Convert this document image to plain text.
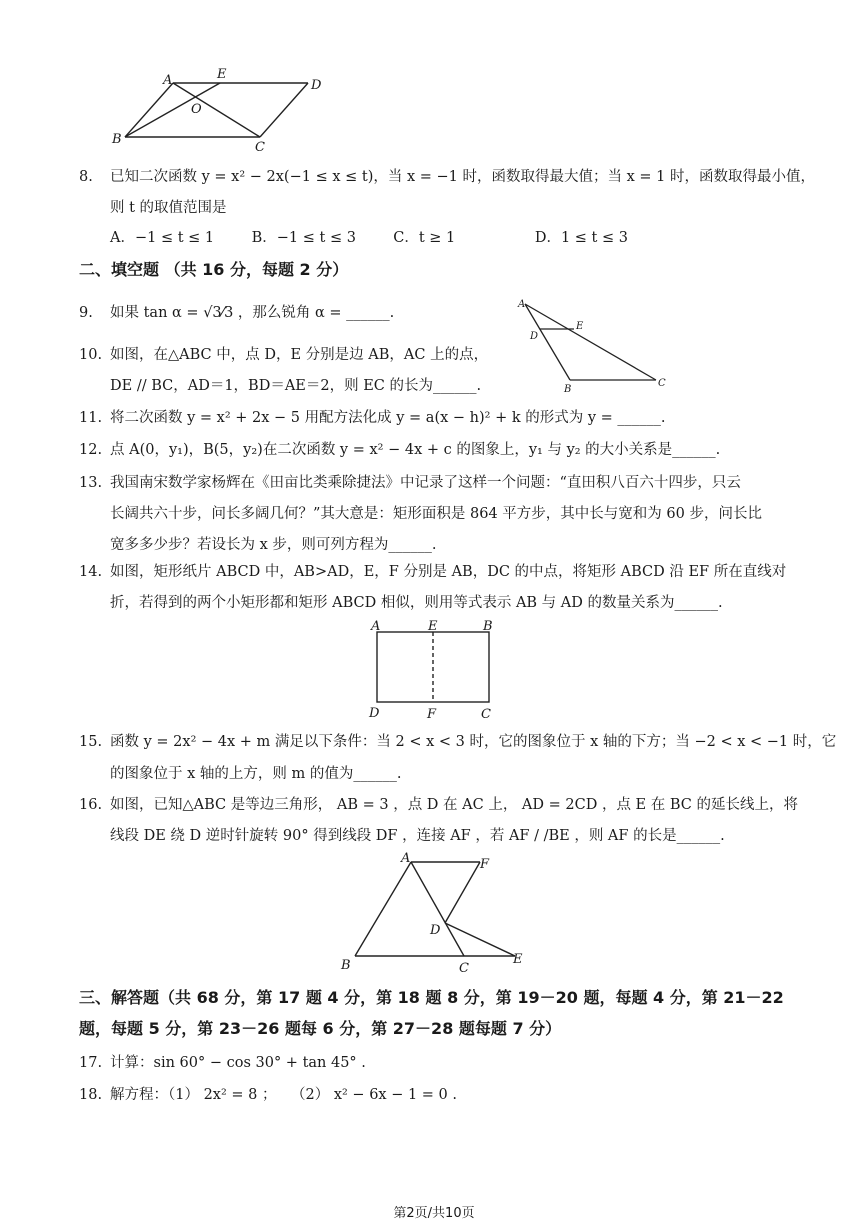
A	E
D
O
B
C
8.	已知二次函数 y = x² − 2x(−1 ≤ x ≤ t)，当 x = −1 时，函数取得最大值；当 x = 1 时，函数取得最小值，
则 t 的取值范围是
A．−1 ≤ t ≤ 1	B．−1 ≤ t ≤ 3	C．t ≥ 1	D．1 ≤ t ≤ 3
二、填空题 （共 16 分，每题 2 分）
9.	如果 tan α = √3⁄3 ，那么锐角 α = ______.
A
D
E
B
C
10. 如图，在△ABC 中，点 D，E 分别是边 AB，AC 上的点，
DE // BC，AD＝1，BD＝AE＝2，则 EC 的长为______.
11. 将二次函数 y = x² + 2x − 5 用配方法化成 y = a(x − h)² + k 的形式为 y = ______.
12. 点 A(0，y₁)，B(5，y₂)在二次函数 y = x² − 4x + c 的图象上，y₁ 与 y₂ 的大小关系是______.
13. 我国南宋数学家杨辉在《田亩比类乘除捷法》中记录了这样一个问题：“直田积八百六十四步，只云
长阔共六十步，问长多阔几何？”其大意是：矩形面积是 864 平方步，其中长与宽和为 60 步，问长比
宽多多少步？若设长为 x 步，则可列方程为______.
14. 如图，矩形纸片 ABCD 中，AB>AD，E，F 分别是 AB，DC 的中点，将矩形 ABCD 沿 EF 所在直线对
折，若得到的两个小矩形都和矩形 ABCD 相似，则用等式表示 AB 与 AD 的数量关系为______.
A	E	B
D	F	C
15. 函数 y = 2x² − 4x + m 满足以下条件：当 2 < x < 3 时，它的图象位于 x 轴的下方；当 −2 < x < −1 时，它
的图象位于 x 轴的上方，则 m 的值为______.
16. 如图，已知△ABC 是等边三角形， AB = 3 ，点 D 在 AC 上， AD = 2CD ，点 E 在 BC 的延长线上，将
线段 DE 绕 D 逆时针旋转 90° 得到线段 DF ，连接 AF ，若 AF / /BE ，则 AF 的长是______.
A	F
D
B	C
E
三、解答题（共 68 分，第 17 题 4 分，第 18 题 8 分，第 19－20 题，每题 4 分，第 21－22
题，每题 5 分，第 23－26 题每 6 分，第 27－28 题每题 7 分）
17. 计算：sin 60° − cos 30° + tan 45° .
18. 解方程：（1） 2x² = 8 ；　　（2） x² − 6x − 1 = 0 .
第2页/共10页
